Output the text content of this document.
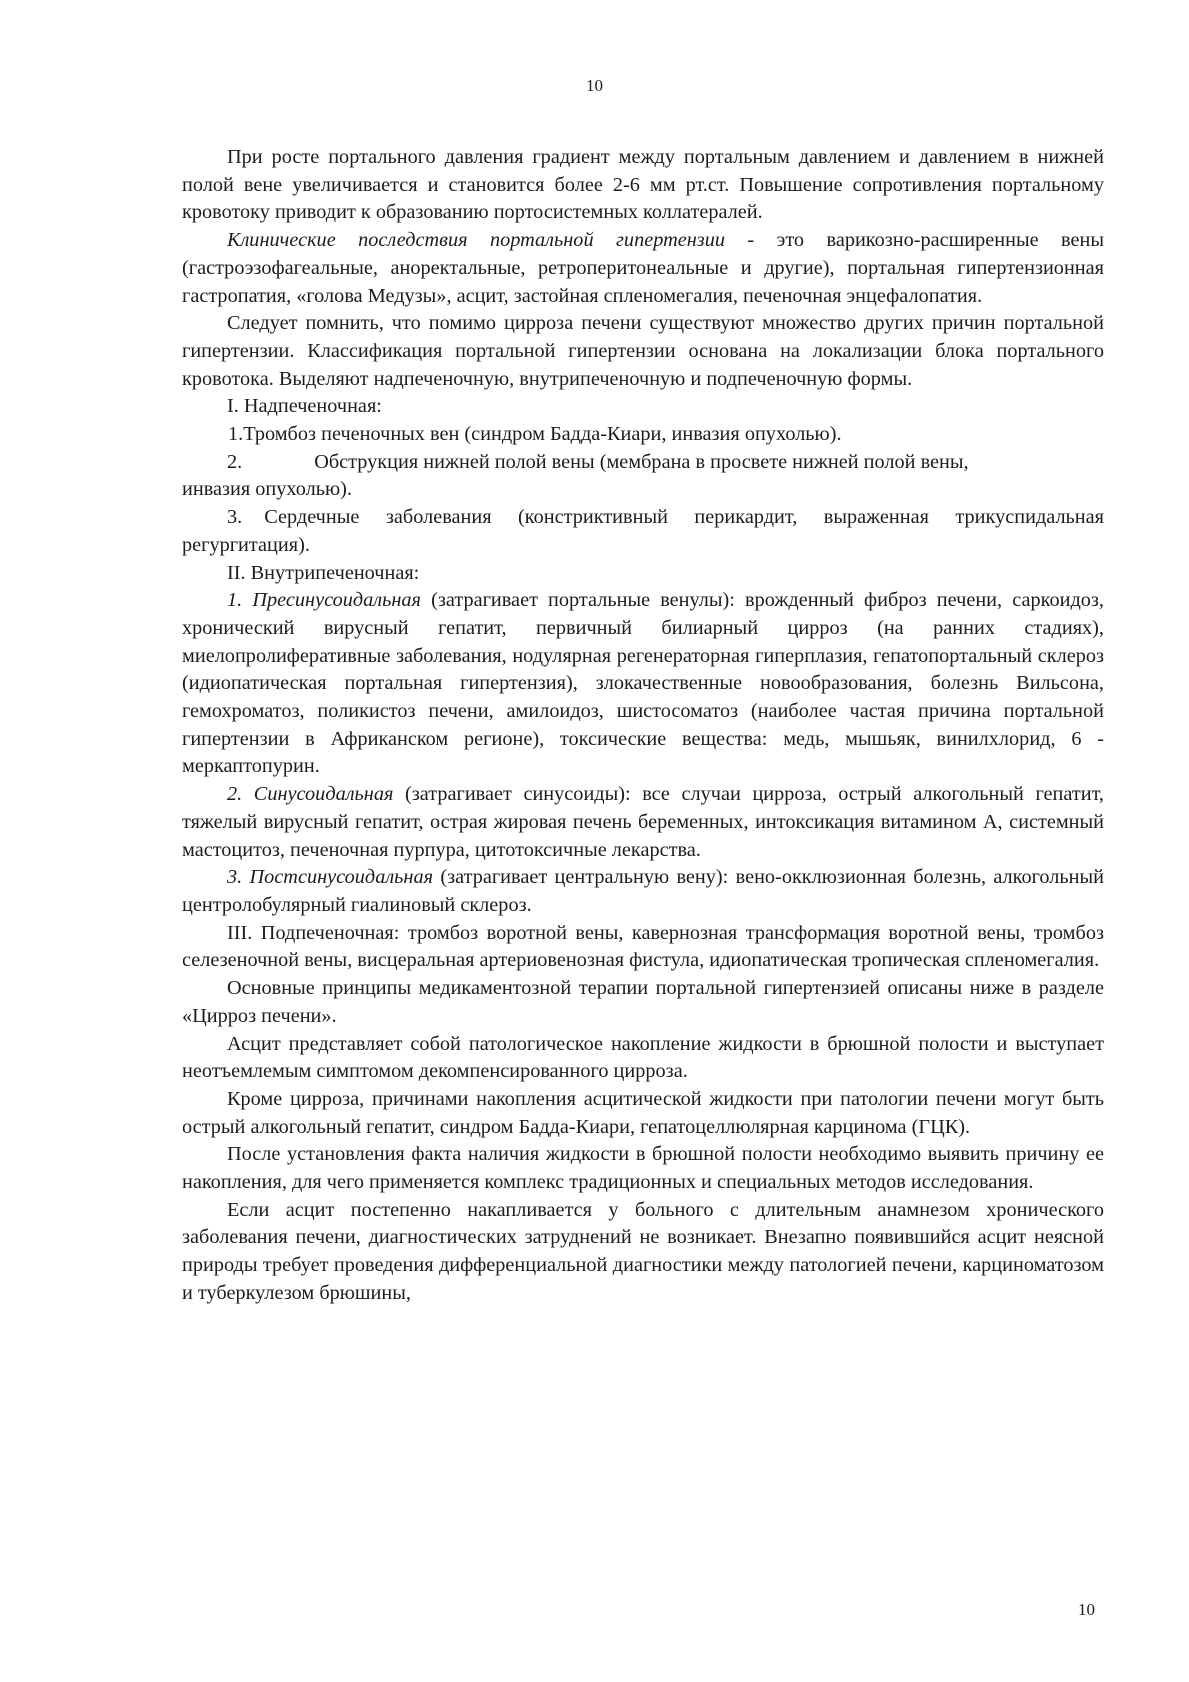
10

При росте портального давления градиент между портальным давлением и давлением в нижней полой вене увеличивается и становится более 2-6 мм рт.ст. Повышение сопротивления портальному кровотоку приводит к образованию портосистемных коллатералей.

Клинические последствия портальной гипертензии - это варикозно-расширенные вены (гастроэзофагеальные, аноректальные, ретроперитонеальные и другие), портальная гипертензионная гастропатия, «голова Медузы», асцит, застойная спленомегалия, печеночная энцефалопатия.

Следует помнить, что помимо цирроза печени существуют множество других причин портальной гипертензии. Классификация портальной гипертензии основана на локализации блока портального кровотока. Выделяют надпеченочную, внутрипеченочную и подпеченочную формы.

I. Надпеченочная:

1.Тромбоз печеночных вен (синдром Бадда-Киари, инвазия опухолью).

2.	Обструкция нижней полой вены (мембрана в просвете нижней полой вены,

инвазия опухолью).

3. Сердечные заболевания (констриктивный перикардит, выраженная трикуспидальная регургитация).

II. Внутрипеченочная:

1. Пресинусоидальная (затрагивает портальные венулы): врожденный фиброз печени, саркоидоз, хронический вирусный гепатит, первичный билиарный цирроз (на ранних стадиях), миелопролиферативные заболевания, нодулярная регенераторная гиперплазия, гепатопортальный склероз (идиопатическая портальная гипертензия), злокачественные новообразования, болезнь Вильсона, гемохроматоз, поликистоз печени, амилоидоз, шистосоматоз (наиболее частая причина портальной гипертензии в Африканском регионе), токсические вещества: медь, мышьяк, винилхлорид, 6 - меркаптопурин.

2. Синусоидальная (затрагивает синусоиды): все случаи цирроза, острый алкогольный гепатит, тяжелый вирусный гепатит, острая жировая печень беременных, интоксикация витамином А, системный мастоцитоз, печеночная пурпура, цитотоксичные лекарства.

3. Постсинусоидальная (затрагивает центральную вену): вено-окклюзионная болезнь, алкогольный центролобулярный гиалиновый склероз.

III. Подпеченочная: тромбоз воротной вены, кавернозная трансформация воротной вены, тромбоз селезеночной вены, висцеральная артериовенозная фистула, идиопатическая тропическая спленомегалия.

Основные принципы медикаментозной терапии портальной гипертензией описаны ниже в разделе «Цирроз печени».

Асцит представляет собой патологическое накопление жидкости в брюшной полости и выступает неотъемлемым симптомом декомпенсированного цирроза.

Кроме цирроза, причинами накопления асцитической жидкости при патологии печени могут быть острый алкогольный гепатит, синдром Бадда-Киари, гепатоцеллюлярная карцинома (ГЦК).

После установления факта наличия жидкости в брюшной полости необходимо выявить причину ее накопления, для чего применяется комплекс традиционных и специальных методов исследования.

Если асцит постепенно накапливается у больного с длительным анамнезом хронического заболевания печени, диагностических затруднений не возникает. Внезапно появившийся асцит неясной природы требует проведения дифференциальной диагностики между патологией печени, карциноматозом и туберкулезом брюшины,

10
